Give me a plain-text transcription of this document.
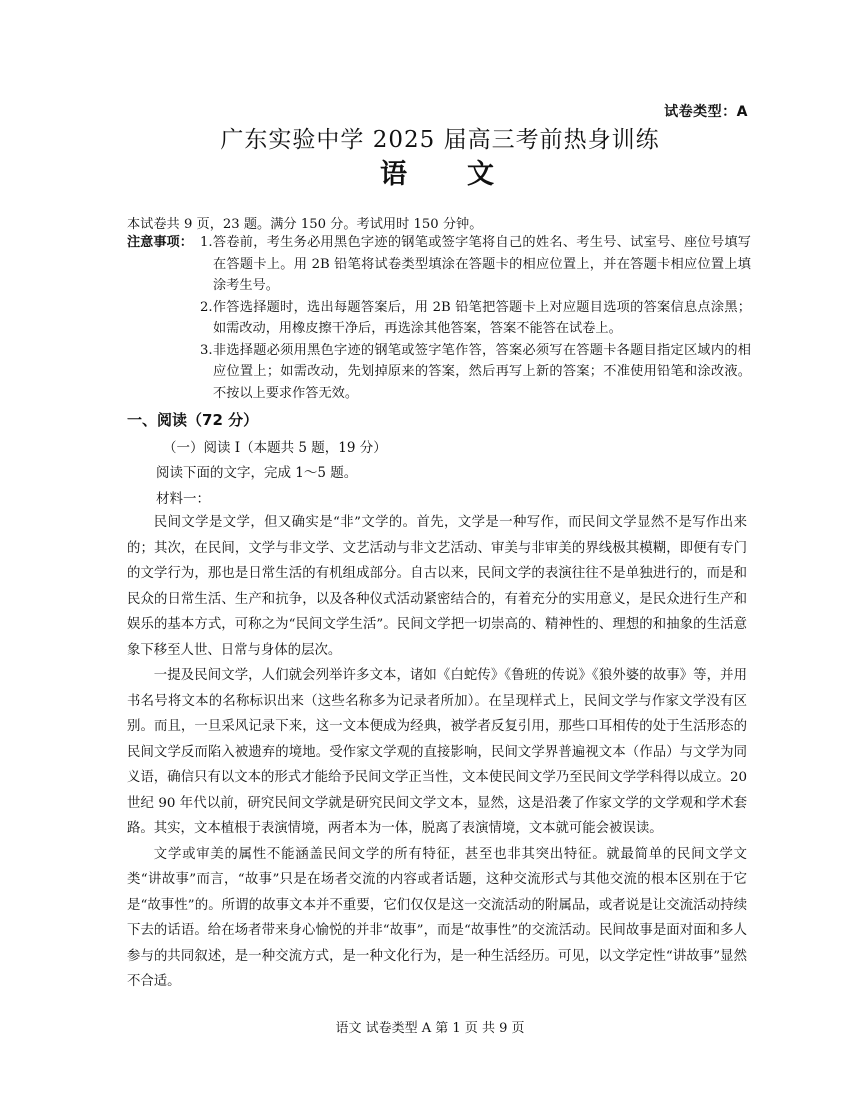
试卷类型：A
广东实验中学 2025 届高三考前热身训练
语　　文
本试卷共 9 页，23 题。满分 150 分。考试用时 150 分钟。
注意事项： 1.答卷前，考生务必用黑色字迹的钢笔或签字笔将自己的姓名、考生号、试室号、座位号填写在答题卡上。用 2B 铅笔将试卷类型填涂在答题卡的相应位置上，并在答题卡相应位置上填涂考生号。
2.作答选择题时，选出每题答案后，用 2B 铅笔把答题卡上对应题目选项的答案信息点涂黑；如需改动，用橡皮擦干净后，再选涂其他答案，答案不能答在试卷上。
3.非选择题必须用黑色字迹的钢笔或签字笔作答，答案必须写在答题卡各题目指定区域内的相应位置上；如需改动，先划掉原来的答案，然后再写上新的答案；不准使用铅笔和涂改液。不按以上要求作答无效。
一、阅读（72 分）
（一）阅读 I（本题共 5 题，19 分）
阅读下面的文字，完成 1～5 题。
材料一：

民间文学是文学，但又确实是“非”文学的。首先，文学是一种写作，而民间文学显然不是写作出来的；其次，在民间，文学与非文学、文艺活动与非文艺活动、审美与非审美的界线极其模糊，即便有专门的文学行为，那也是日常生活的有机组成部分。自古以来，民间文学的表演往往不是单独进行的，而是和民众的日常生活、生产和抗争，以及各种仪式活动紧密结合的，有着充分的实用意义，是民众进行生产和娱乐的基本方式，可称之为“民间文学生活”。民间文学把一切崇高的、精神性的、理想的和抽象的生活意象下移至人世、日常与身体的层次。

一提及民间文学，人们就会列举许多文本，诸如《白蛇传》《鲁班的传说》《狼外婆的故事》等，并用书名号将文本的名称标识出来（这些名称多为记录者所加）。在呈现样式上，民间文学与作家文学没有区别。而且，一旦采风记录下来，这一文本便成为经典，被学者反复引用，那些口耳相传的处于生活形态的民间文学反而陷入被遗弃的境地。受作家文学观的直接影响，民间文学界普遍视文本（作品）与文学为同义语，确信只有以文本的形式才能给予民间文学正当性，文本使民间文学乃至民间文学学科得以成立。20 世纪 90 年代以前，研究民间文学就是研究民间文学文本，显然，这是沿袭了作家文学的文学观和学术套路。其实，文本植根于表演情境，两者本为一体，脱离了表演情境，文本就可能会被误读。

文学或审美的属性不能涵盖民间文学的所有特征，甚至也非其突出特征。就最简单的民间文学文类“讲故事”而言，“故事”只是在场者交流的内容或者话题，这种交流形式与其他交流的根本区别在于它是“故事性”的。所谓的故事文本并不重要，它们仅仅是这一交流活动的附属品，或者说是让交流活动持续下去的话语。给在场者带来身心愉悦的并非“故事”，而是“故事性”的交流活动。民间故事是面对面和多人参与的共同叙述，是一种交流方式，是一种文化行为，是一种生活经历。可见，以文学定性“讲故事”显然不合适。

语文 试卷类型 A 第 1 页 共 9 页
